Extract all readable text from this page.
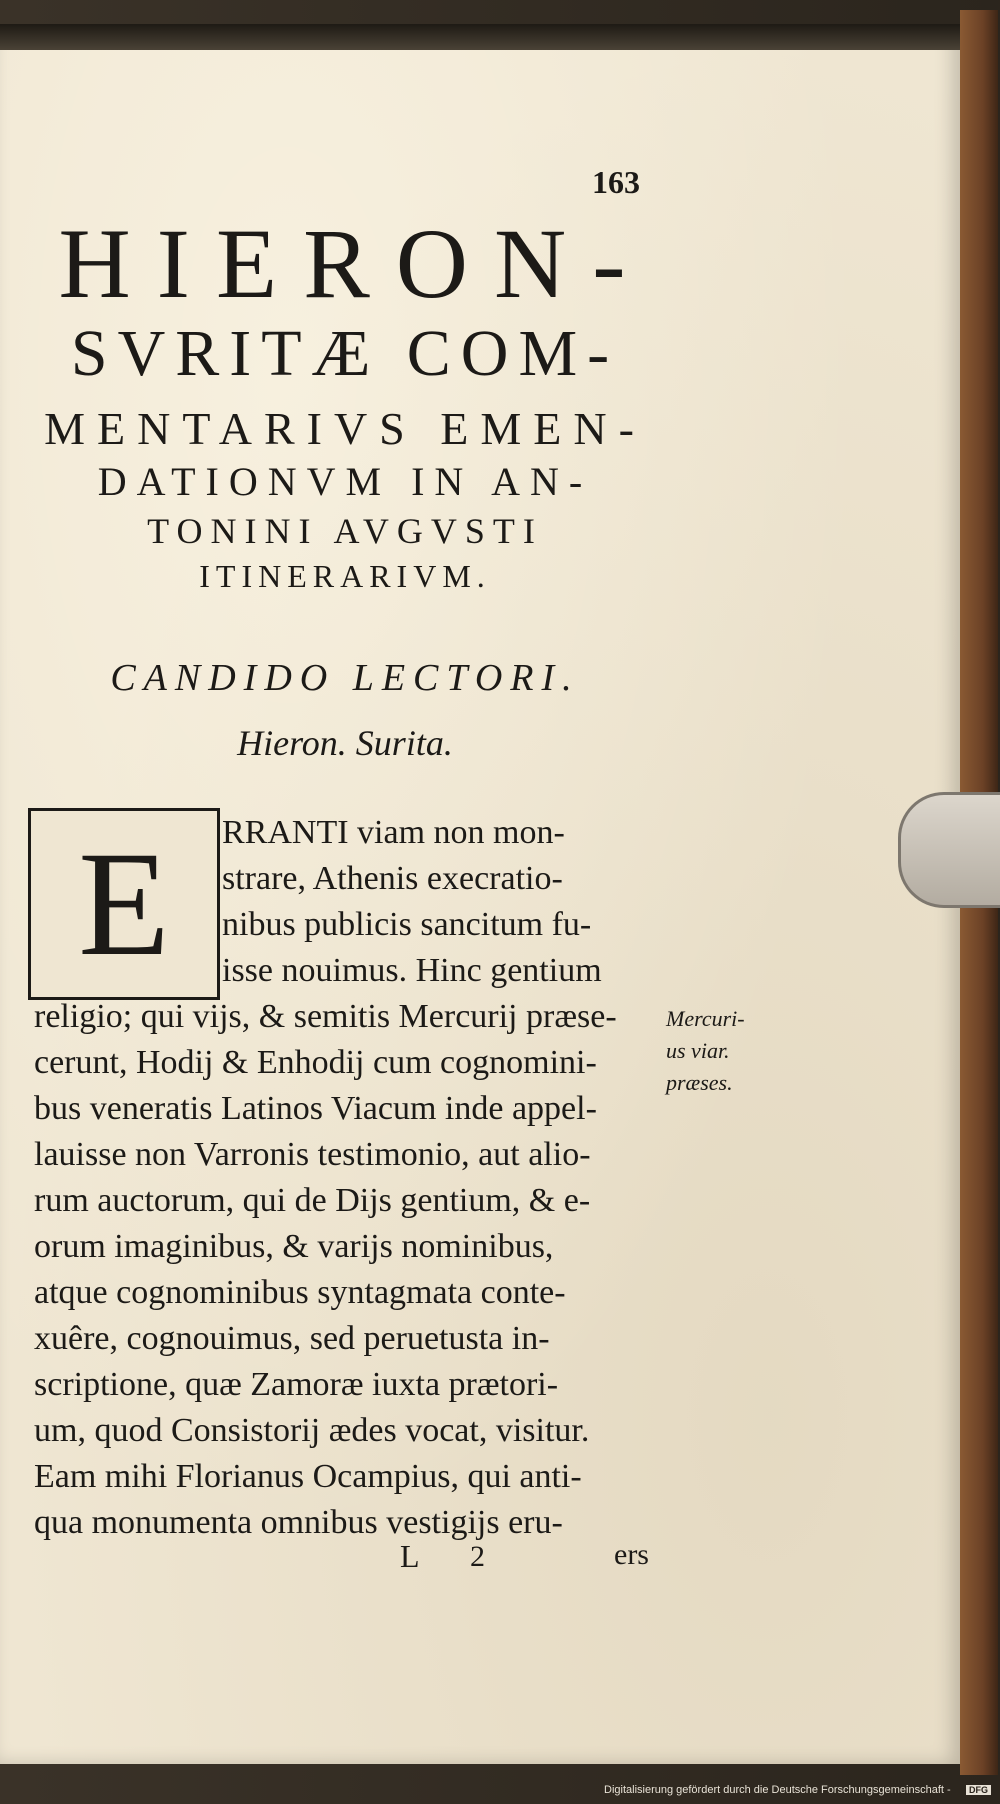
163
HIERON-
SVRITÆ COM-
MENTARIVS EMEN-
DATIONVM IN AN-
TONINI AVGVSTI
ITINERARIVM.
CANDIDO LECTORI.
Hieron. Surita.
E RRANTI viam non mon-
strare, Athenis execratio-
nibus publicis sancitum fu-
isse nouimus. Hinc gentium
religio; qui vijs, & semitis Mercurij præse-
cerunt, Hodij & Enhodij cum cognomini-
bus veneratis Latinos Viacum inde appel-
lauisse non Varronis testimonio, aut alio-
rum auctorum, qui de Dijs gentium, & e-
orum imaginibus, & varijs nominibus,
atque cognominibus syntagmata conte-
xuêre, cognouimus, sed peruetusta in-
scriptione, quæ Zamoræ iuxta prætori-
um, quod Consistorij ædes vocat, visitur.
Eam mihi Florianus Ocampius, qui anti-
qua monumenta omnibus vestigijs eru-
Mercuri-
us viar.
præses.
L 2	ers
Digitalisierung gefördert durch die Deutsche Forschungsgemeinschaft -	DFG
